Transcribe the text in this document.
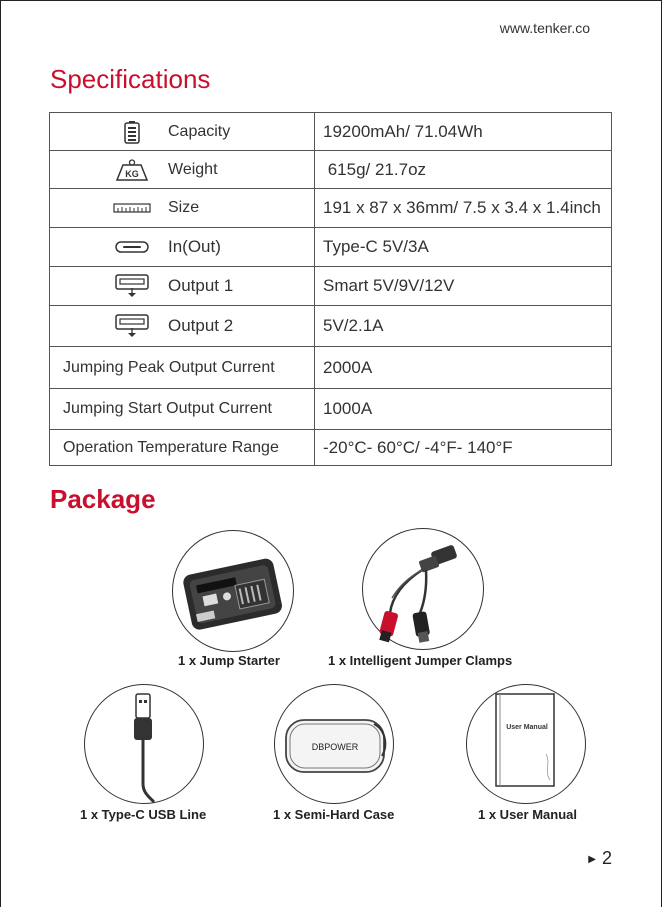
www.tenker.co
Specifications
Capacity	19200mAh/ 71.04Wh

KG Weight	615g/ 21.7oz

Size	191 x 87 x 36mm/ 7.5 x 3.4 x 1.4inch

In(Out)	Type-C 5V/3A

Output 1	Smart 5V/9V/12V

Output 2	5V/2.1A

Jumping Peak Output Current	2000A

Jumping Start Output Current	1000A

Operation Temperature Range	-20°C- 60°C/ -4°F- 140°F
Package
1 x Jump Starter	1 x Intelligent Jumper Clamps
1 x Type-C USB Line
DBPOWER
1 x Semi-Hard Case
User Manual
1 x User Manual
▶ 2
